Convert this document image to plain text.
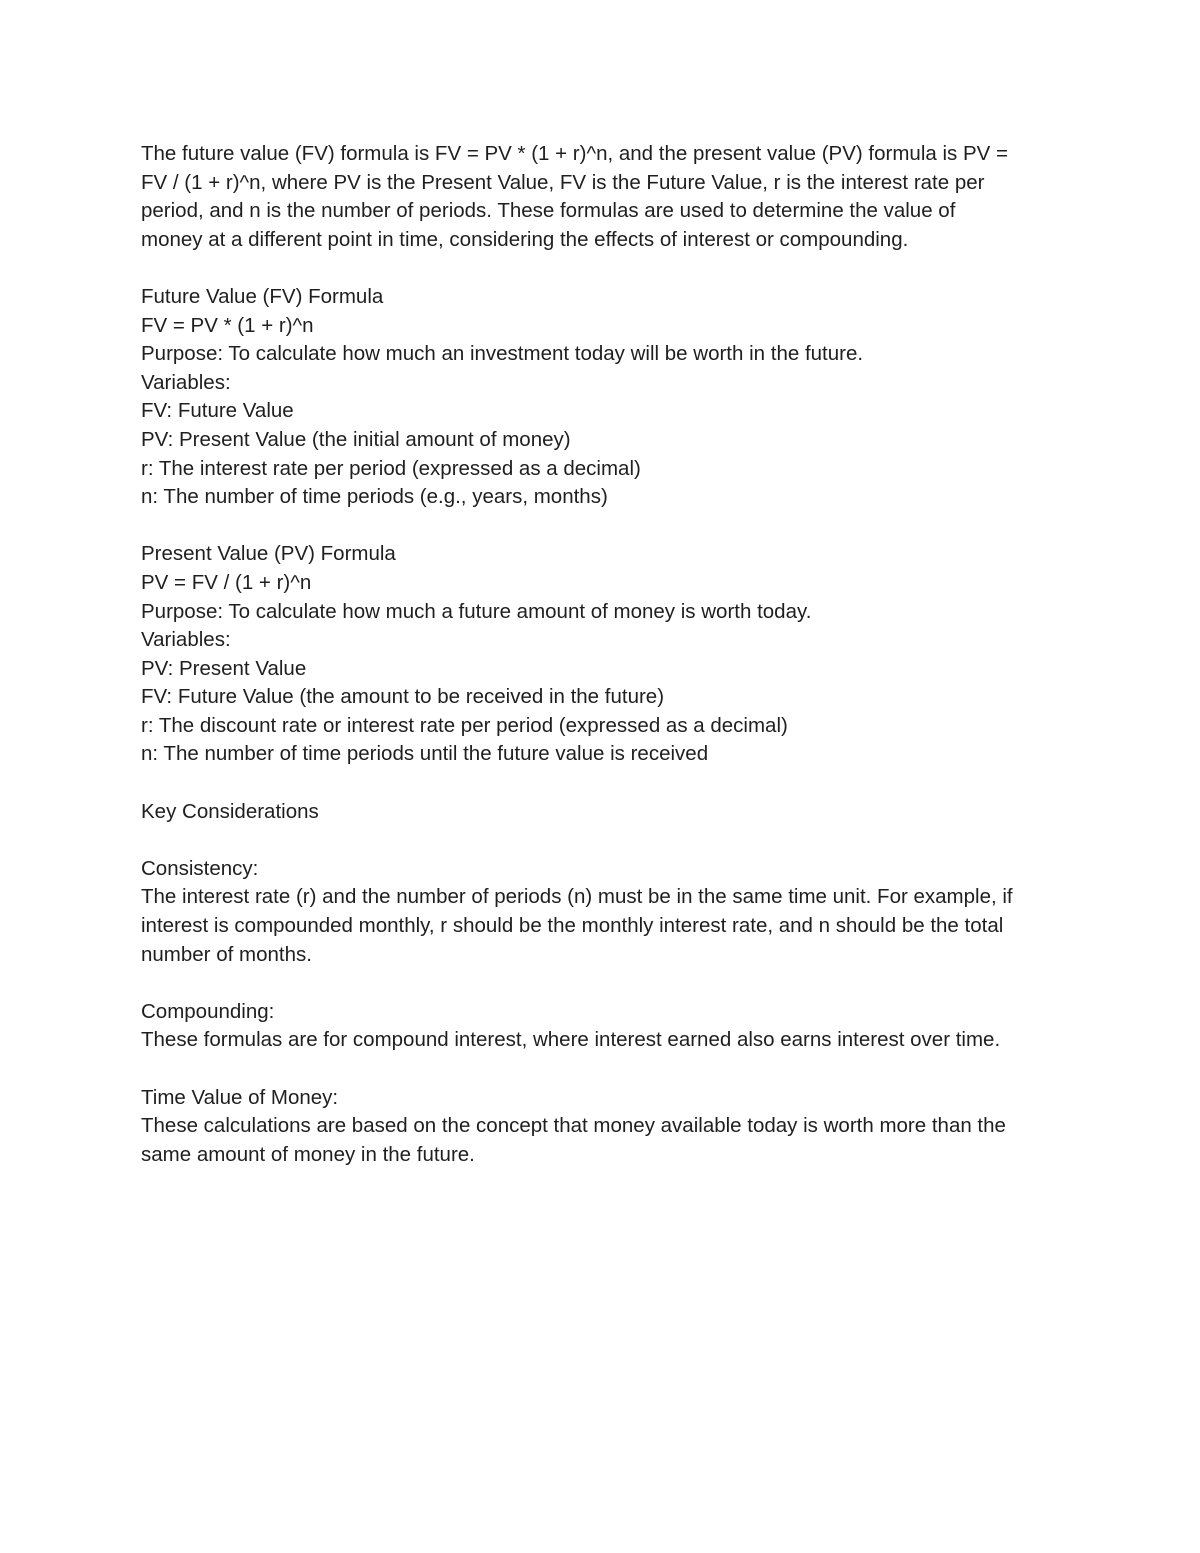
The future value (FV) formula is FV = PV * (1 + r)^n, and the present value (PV) formula is PV =
FV / (1 + r)^n, where PV is the Present Value, FV is the Future Value, r is the interest rate per
period, and n is the number of periods. These formulas are used to determine the value of
money at a different point in time, considering the effects of interest or compounding.
Future Value (FV) Formula
FV = PV * (1 + r)^n
Purpose: To calculate how much an investment today will be worth in the future.
Variables:
FV: Future Value
PV: Present Value (the initial amount of money)
r: The interest rate per period (expressed as a decimal)
n: The number of time periods (e.g., years, months)
Present Value (PV) Formula
PV = FV / (1 + r)^n
Purpose: To calculate how much a future amount of money is worth today.
Variables:
PV: Present Value
FV: Future Value (the amount to be received in the future)
r: The discount rate or interest rate per period (expressed as a decimal)
n: The number of time periods until the future value is received
Key Considerations
Consistency:
The interest rate (r) and the number of periods (n) must be in the same time unit. For example, if
interest is compounded monthly, r should be the monthly interest rate, and n should be the total
number of months.
Compounding:
These formulas are for compound interest, where interest earned also earns interest over time.
Time Value of Money:
These calculations are based on the concept that money available today is worth more than the
same amount of money in the future.
